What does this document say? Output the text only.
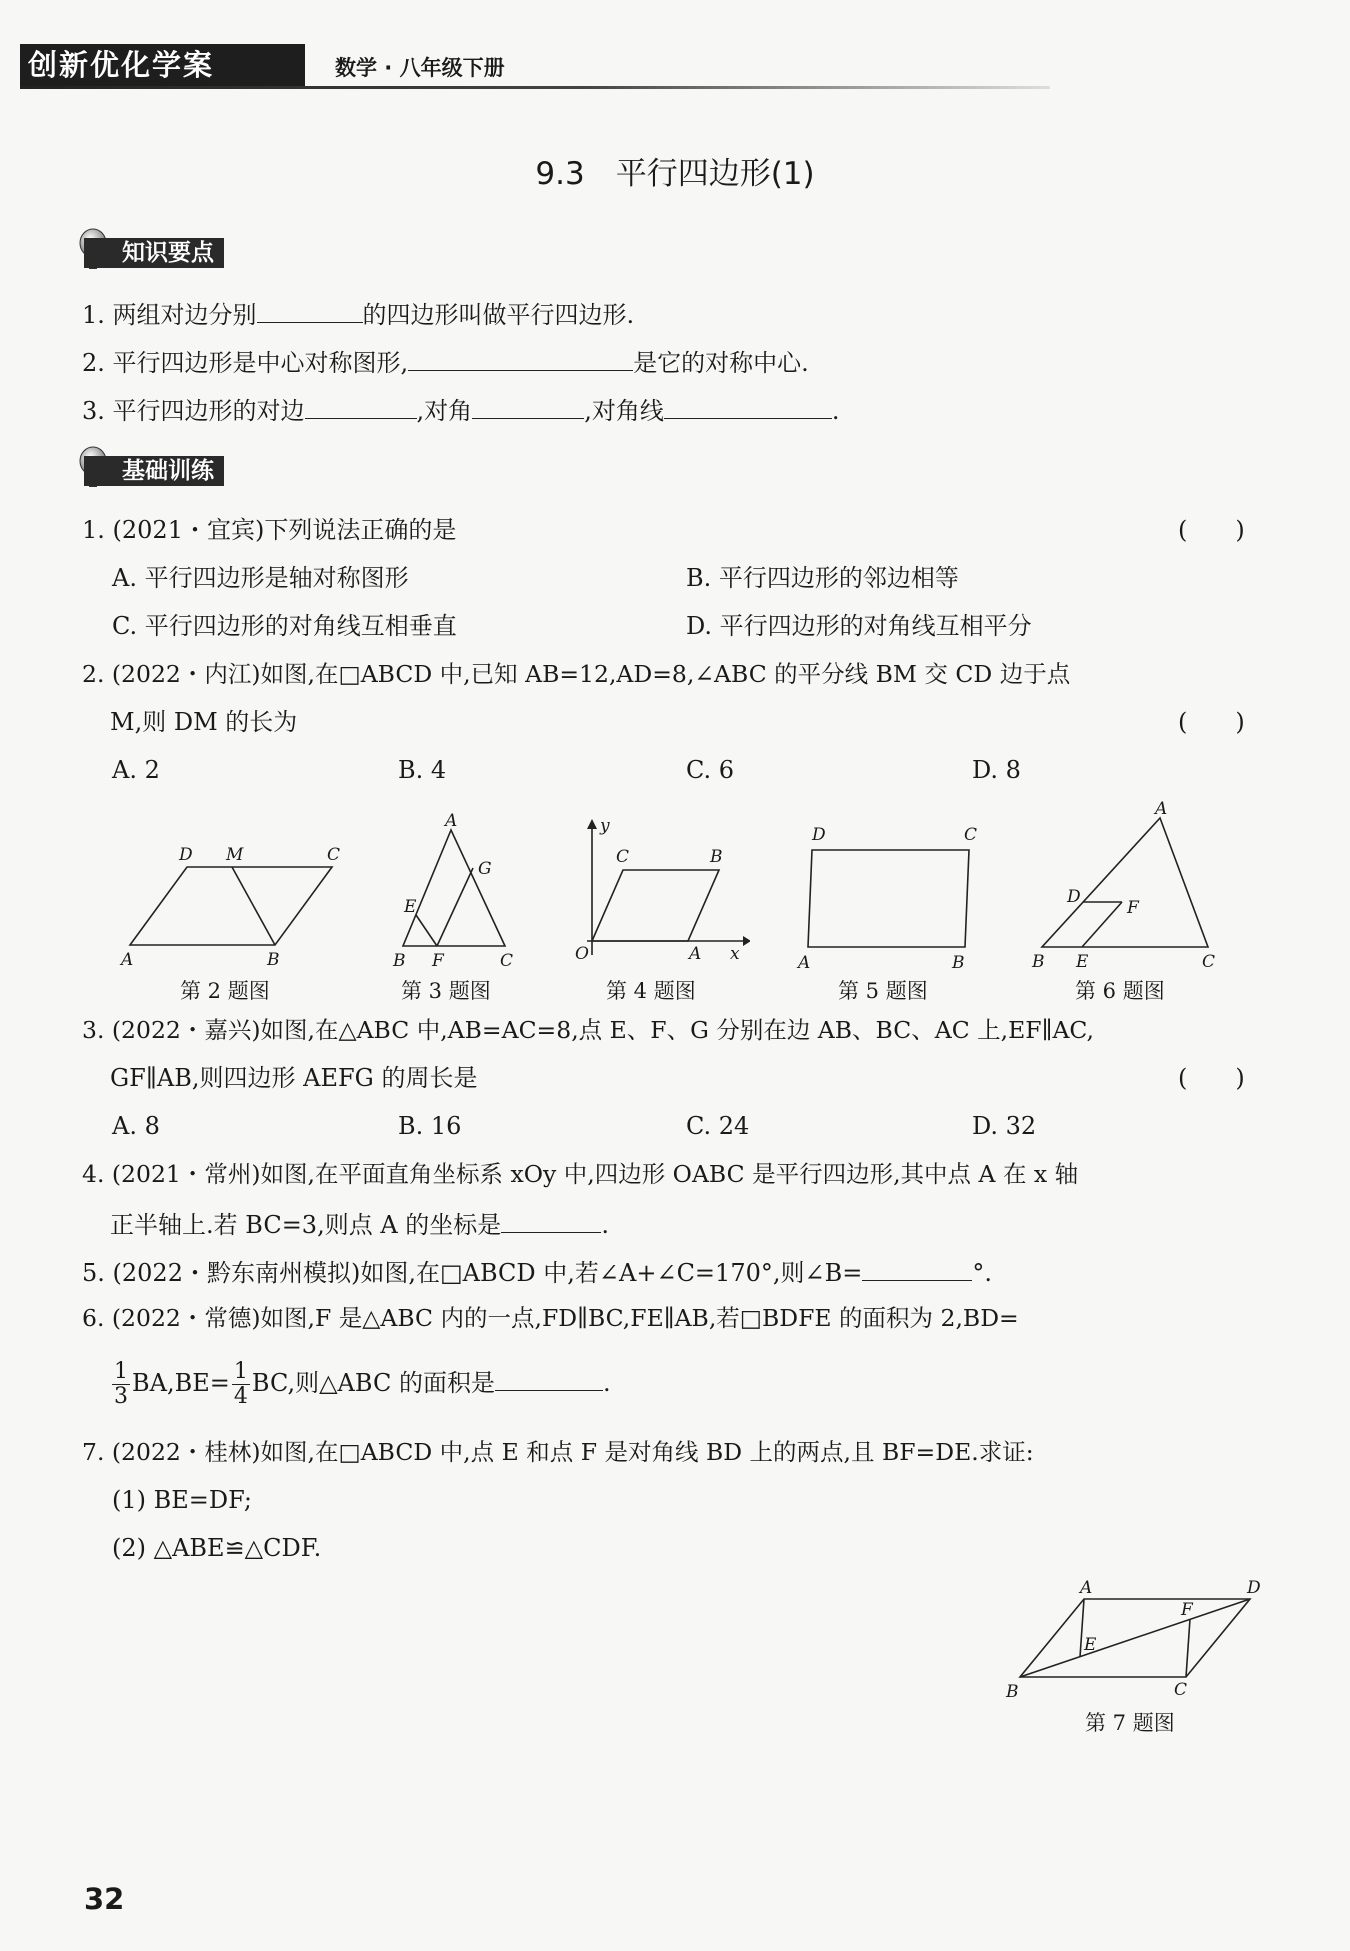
创新优化学案	数学 · 八年级下册
9.3　平行四边形(1)
知识要点
1. 两组对边分别	的四边形叫做平行四边形.
2. 平行四边形是中心对称图形,	是它的对称中心.
3. 平行四边形的对边	,对角	,对角线	.
基础训练
1. (2021・宜宾)下列说法正确的是	(　　)
A. 平行四边形是轴对称图形	B. 平行四边形的邻边相等
C. 平行四边形的对角线互相垂直	D. 平行四边形的对角线互相平分
2. (2022・内江)如图,在□ABCD 中,已知 AB=12,AD=8,∠ABC 的平分线 BM 交 CD 边于点
M,则 DM 的长为	(　　)
A. 2	B. 4	C. 6	D. 8
D M	C
A	B
第 2 题图
A
G
E
B F	C
第 3 题图
y
C	B
O	A x
第 4 题图
D	C
A	B
第 5 题图
A
D
F
B E	C
第 6 题图
3. (2022・嘉兴)如图,在△ABC 中,AB=AC=8,点 E、F、G 分别在边 AB、BC、AC 上,EF∥AC,
GF∥AB,则四边形 AEFG 的周长是	(　　)
A. 8	B. 16	C. 24	D. 32
4. (2021・常州)如图,在平面直角坐标系 xOy 中,四边形 OABC 是平行四边形,其中点 A 在 x 轴
正半轴上.若 BC=3,则点 A 的坐标是	.
5. (2022・黔东南州模拟)如图,在□ABCD 中,若∠A+∠C=170°,则∠B=	°.
6. (2022・常德)如图,F 是△ABC 内的一点,FD∥BC,FE∥AB,若□BDFE 的面积为 2,BD=
$\frac{1}{3} BA,BE= \frac{1}{4}$ BC,则△ABC 的面积是	.
7. (2022・桂林)如图,在□ABCD 中,点 E 和点 F 是对角线 BD 上的两点,且 BF=DE.求证:
(1) BE=DF;
(2) △ABE≌△CDF.
A	D
E
F
B	C
第 7 题图
32
